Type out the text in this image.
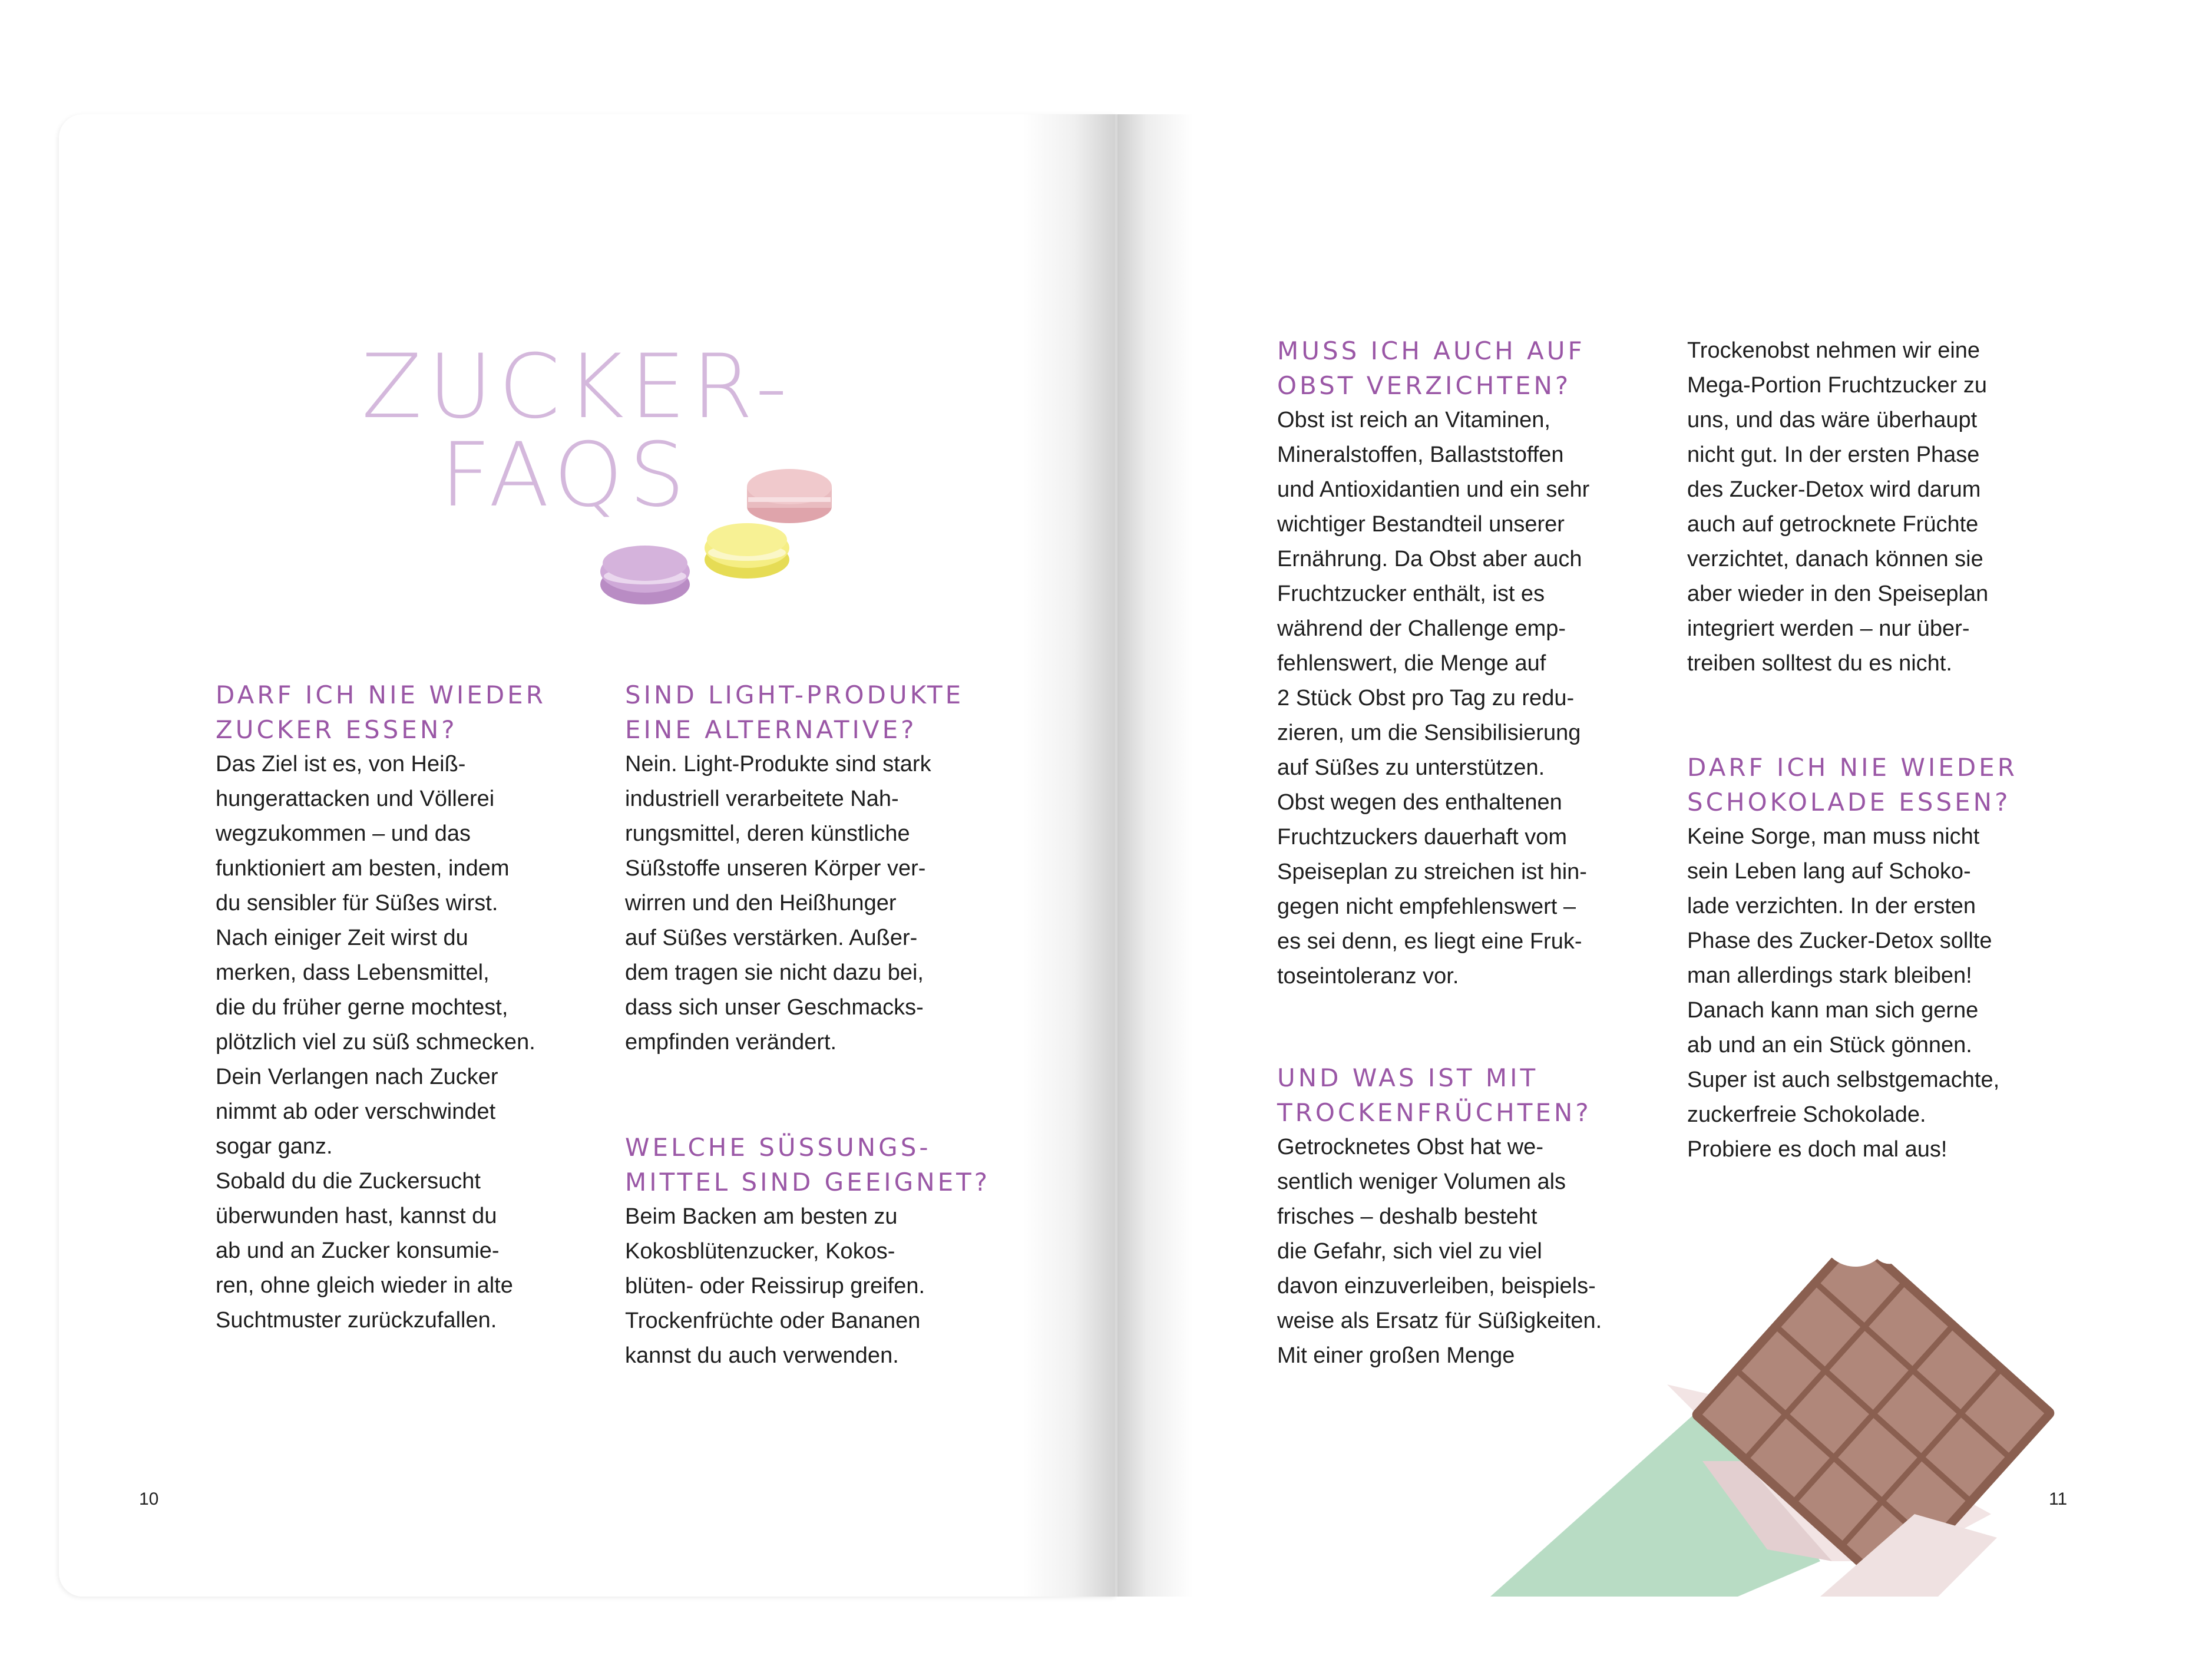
ZUCKER-
FAQS
DARF ICH NIE WIEDER
ZUCKER ESSEN?
Das Ziel ist es, von Heiß-
hungerattacken und Völlerei
wegzukommen – und das
funktioniert am besten, indem
du sensibler für Süßes wirst.
Nach einiger Zeit wirst du
merken, dass Lebensmittel,
die du früher gerne mochtest,
plötzlich viel zu süß schmecken.
Dein Verlangen nach Zucker
nimmt ab oder verschwindet
sogar ganz.
Sobald du die Zuckersucht
überwunden hast, kannst du
ab und an Zucker konsumie-
ren, ohne gleich wieder in alte
Suchtmuster zurückzufallen.
SIND LIGHT-PRODUKTE
EINE ALTERNATIVE?
Nein. Light-Produkte sind stark
industriell verarbeitete Nah-
rungsmittel, deren künstliche
Süßstoffe unseren Körper ver-
wirren und den Heißhunger
auf Süßes verstärken. Außer-
dem tragen sie nicht dazu bei,
dass sich unser Geschmacks-
empfinden verändert.
WELCHE SÜSSUNGS-
MITTEL SIND GEEIGNET?
Beim Backen am besten zu
Kokosblütenzucker, Kokos-
blüten- oder Reissirup greifen.
Trockenfrüchte oder Bananen
kannst du auch verwenden.
MUSS ICH AUCH AUF
OBST VERZICHTEN?
Obst ist reich an Vitaminen,
Mineralstoffen, Ballaststoffen
und Antioxidantien und ein sehr
wichtiger Bestandteil unserer
Ernährung. Da Obst aber auch
Fruchtzucker enthält, ist es
während der Challenge emp-
fehlenswert, die Menge auf
2 Stück Obst pro Tag zu redu-
zieren, um die Sensibilisierung
auf Süßes zu unterstützen.
Obst wegen des enthaltenen
Fruchtzuckers dauerhaft vom
Speiseplan zu streichen ist hin-
gegen nicht empfehlenswert –
es sei denn, es liegt eine Fruk-
toseintoleranz vor.
UND WAS IST MIT
TROCKENFRÜCHTEN?
Getrocknetes Obst hat we-
sentlich weniger Volumen als
frisches – deshalb besteht
die Gefahr, sich viel zu viel
davon einzuverleiben, beispiels-
weise als Ersatz für Süßigkeiten.
Mit einer großen Menge
Trockenobst nehmen wir eine
Mega-Portion Fruchtzucker zu
uns, und das wäre überhaupt
nicht gut. In der ersten Phase
des Zucker-Detox wird darum
auch auf getrocknete Früchte
verzichtet, danach können sie
aber wieder in den Speiseplan
integriert werden – nur über-
treiben solltest du es nicht.
DARF ICH NIE WIEDER
SCHOKOLADE ESSEN?
Keine Sorge, man muss nicht
sein Leben lang auf Schoko-
lade verzichten. In der ersten
Phase des Zucker-Detox sollte
man allerdings stark bleiben!
Danach kann man sich gerne
ab und an ein Stück gönnen.
Super ist auch selbstgemachte,
zuckerfreie Schokolade.
Probiere es doch mal aus!
10	11
